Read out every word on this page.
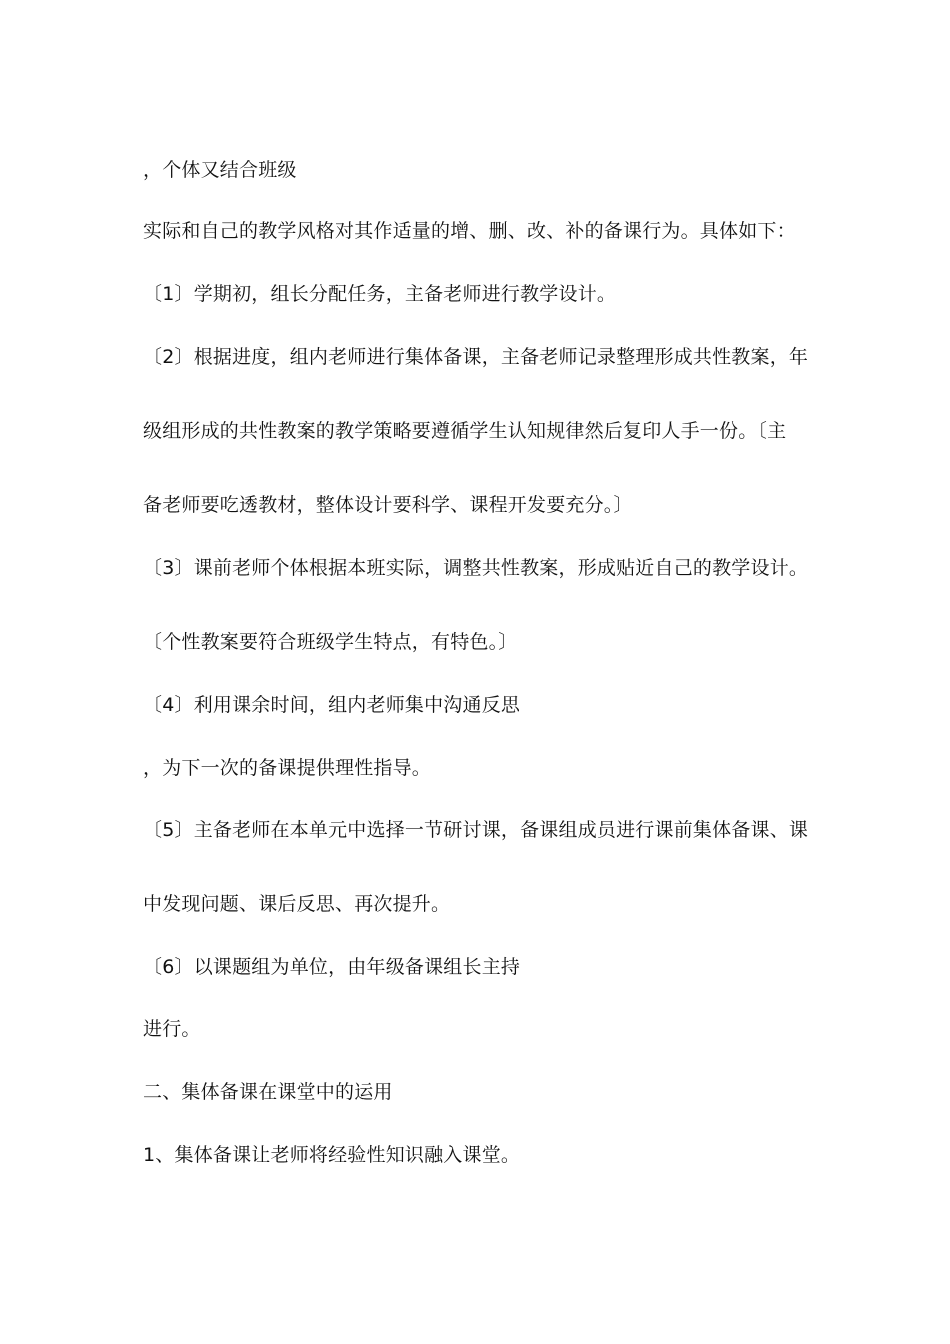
，个体又结合班级

实际和自己的教学风格对其作适量的增、删、改、补的备课行为。具体如下：

〔1〕学期初，组长分配任务，主备老师进行教学设计。

〔2〕根据进度，组内老师进行集体备课，主备老师记录整理形成共性教案，年

级组形成的共性教案的教学策略要遵循学生认知规律然后复印人手一份。〔主

备老师要吃透教材，整体设计要科学、课程开发要充分。〕

〔3〕课前老师个体根据本班实际，调整共性教案，形成贴近自己的教学设计。

〔个性教案要符合班级学生特点，有特色。〕

〔4〕利用课余时间，组内老师集中沟通反思

，为下一次的备课提供理性指导。

〔5〕主备老师在本单元中选择一节研讨课，备课组成员进行课前集体备课、课

中发现问题、课后反思、再次提升。

〔6〕以课题组为单位，由年级备课组长主持

进行。

二、集体备课在课堂中的运用

1、集体备课让老师将经验性知识融入课堂。
